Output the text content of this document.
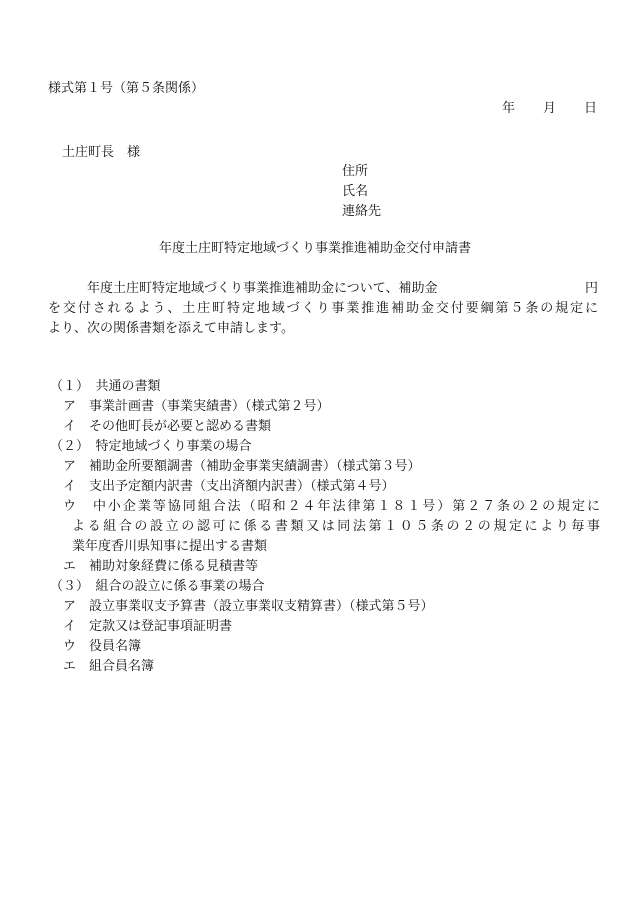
様式第１号（第５条関係）
年 月 日
土庄町長　様
住所
氏名
連絡先
年度土庄町特定地域づくり事業推進補助金交付申請書
年度土庄町特定地域づくり事業推進補助金について、補助金	円
を交付されるよう、土庄町特定地域づくり事業推進補助金交付要綱第５条の規定に
より、次の関係書類を添えて申請します。
（１）　共通の書類
ア　事業計画書（事業実績書）（様式第２号）
イ　その他町長が必要と認める書類
（２）　特定地域づくり事業の場合
ア　補助金所要額調書（補助金事業実績調書）（様式第３号）
イ　支出予定額内訳書（支出済額内訳書）（様式第４号）
ウ　中小企業等協同組合法（昭和２４年法律第１８１号）第２７条の２の規定に
よる組合の設立の認可に係る書類又は同法第１０５条の２の規定により毎事
業年度香川県知事に提出する書類
エ　補助対象経費に係る見積書等
（３）　組合の設立に係る事業の場合
ア　設立事業収支予算書（設立事業収支精算書）（様式第５号）
イ　定款又は登記事項証明書
ウ　役員名簿
エ　組合員名簿
